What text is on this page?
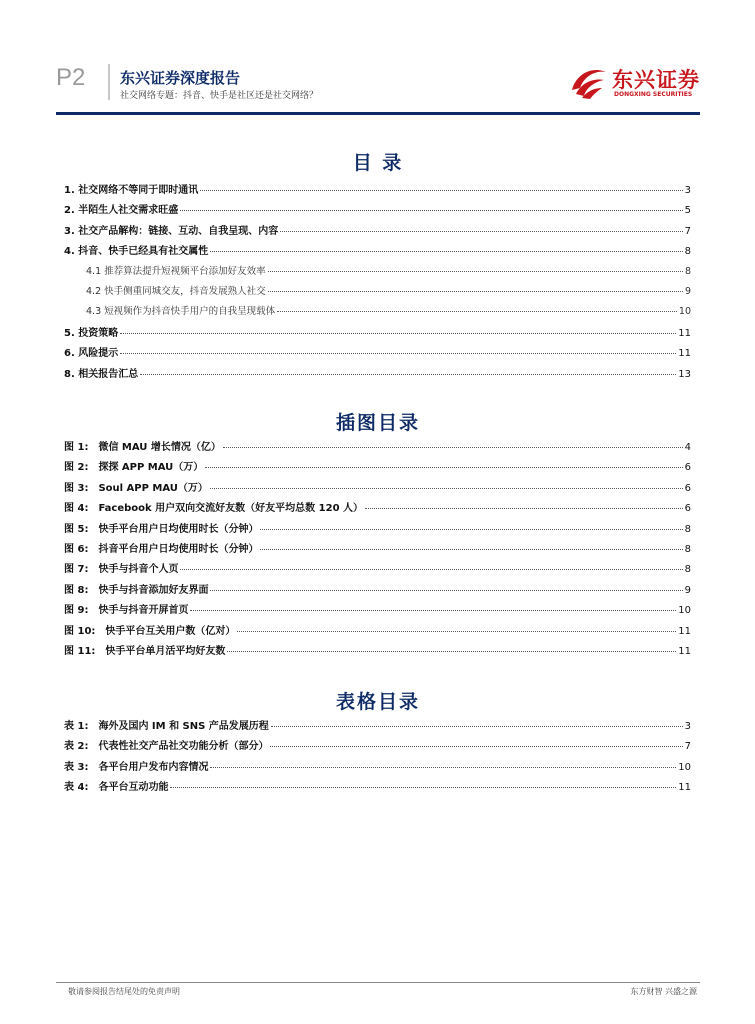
P2 东兴证券深度报告
社交网络专题：抖音、快手是社区还是社交网络？
东兴证券
DONGXING SECURITIES
目 录
1. 社交网络不等同于即时通讯	3
2. 半陌生人社交需求旺盛	5
3. 社交产品解构：链接、互动、自我呈现、内容	7
4. 抖音、快手已经具有社交属性	8
4.1 推荐算法提升短视频平台添加好友效率	8
4.2 快手侧重同城交友，抖音发展熟人社交	9
4.3 短视频作为抖音快手用户的自我呈现载体	10
5. 投资策略	11
6. 风险提示	11
8. 相关报告汇总	13
插图目录
图 1:　微信 MAU 增长情况（亿）	4
图 2:　探探 APP MAU（万）	6
图 3:　Soul APP MAU（万）	6
图 4:　Facebook 用户双向交流好友数（好友平均总数 120 人）	6
图 5:　快手平台用户日均使用时长（分钟）	8
图 6:　抖音平台用户日均使用时长（分钟）	8
图 7:　快手与抖音个人页	8
图 8:　快手与抖音添加好友界面	9
图 9:　快手与抖音开屏首页	10
图 10:　快手平台互关用户数（亿对）	11
图 11:　快手平台单月活平均好友数	11
表格目录
表 1:　海外及国内 IM 和 SNS 产品发展历程	3
表 2:　代表性社交产品社交功能分析（部分）	7
表 3:　各平台用户发布内容情况	10
表 4:　各平台互动功能	11
敬请参阅报告结尾处的免责声明	东方财智 兴盛之源
